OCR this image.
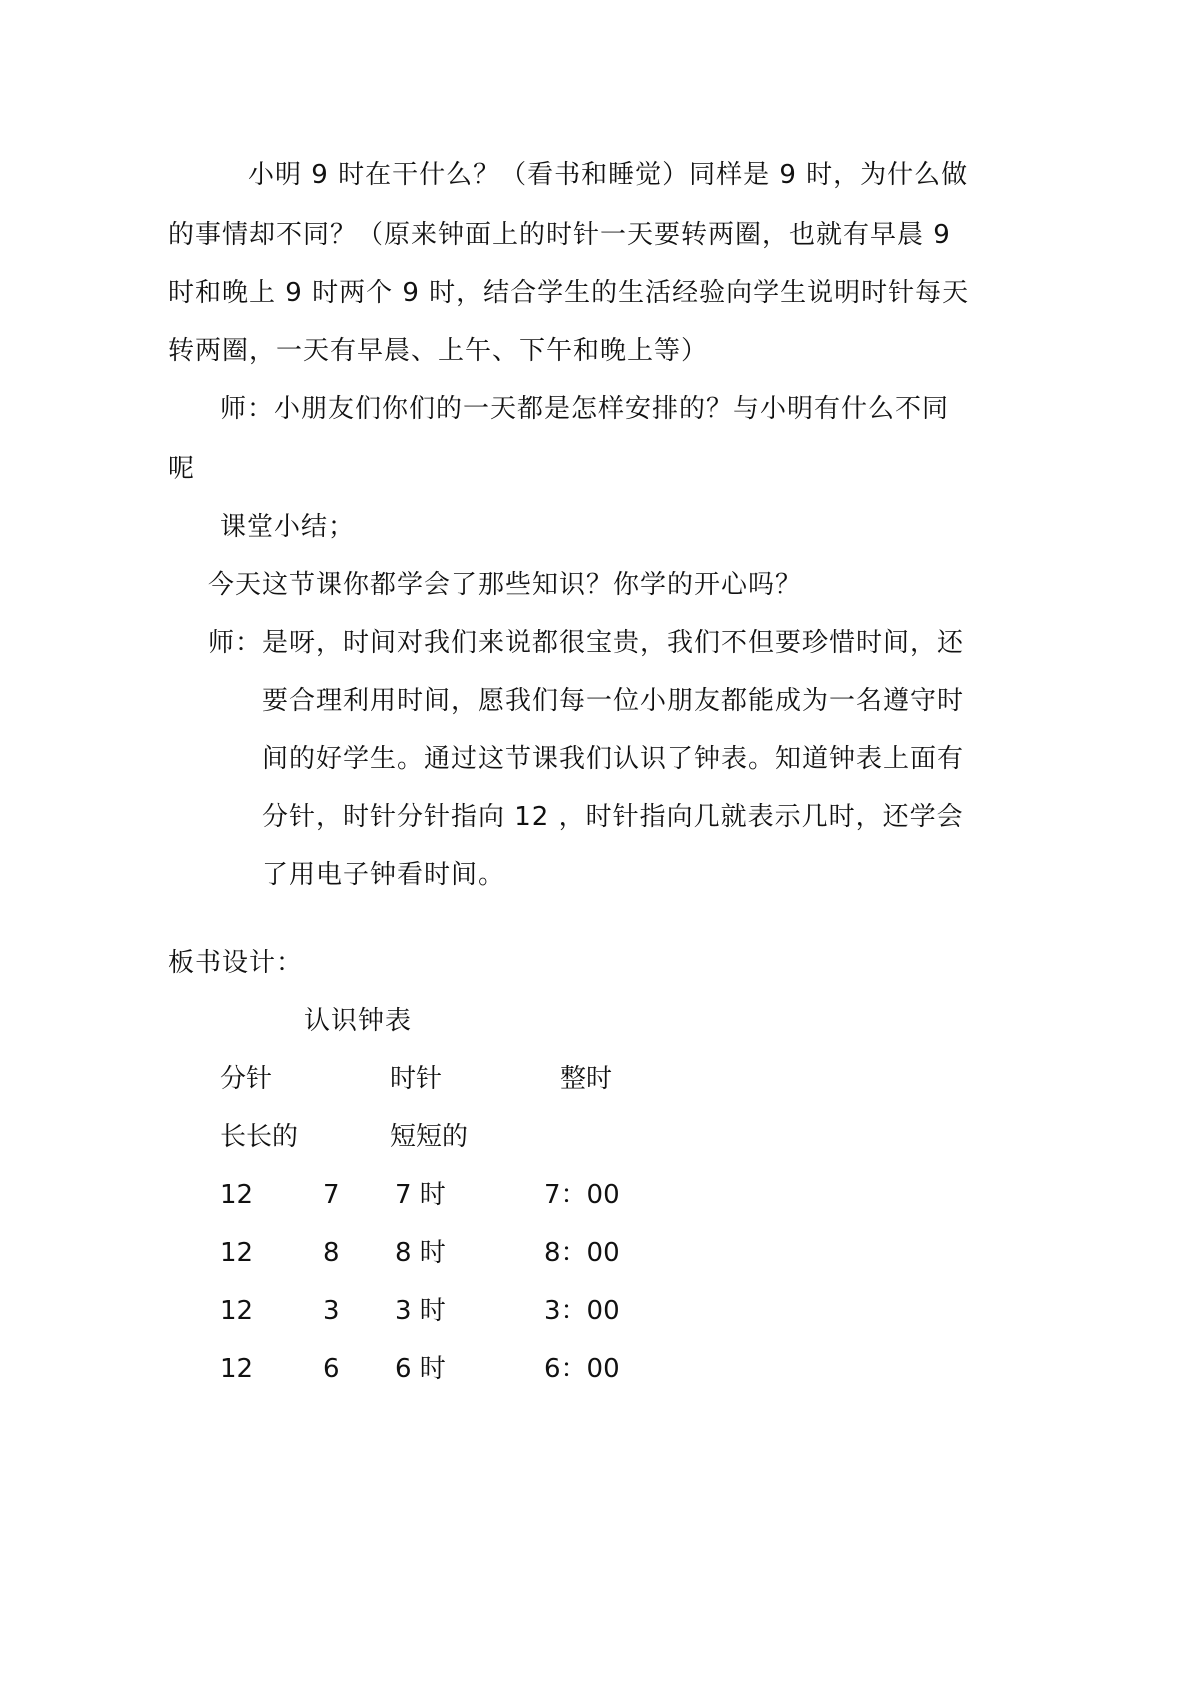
小明 9 时在干什么？（看书和睡觉）同样是 9 时，为什么做
的事情却不同？（原来钟面上的时针一天要转两圈，也就有早晨 9
时和晚上 9 时两个 9 时，结合学生的生活经验向学生说明时针每天
转两圈，一天有早晨、上午、下午和晚上等）
师：小朋友们你们的一天都是怎样安排的？与小明有什么不同
呢
课堂小结；
今天这节课你都学会了那些知识？你学的开心吗？
师：是呀，时间对我们来说都很宝贵，我们不但要珍惜时间，还
要合理利用时间，愿我们每一位小朋友都能成为一名遵守时
间的好学生。通过这节课我们认识了钟表。知道钟表上面有
分针，时针分针指向 12 ，时针指向几就表示几时，还学会
了用电子钟看时间。
板书设计：
认识钟表
分针	时针	整时
长长的	短短的
12	7 7 时	7：00
12	8 8 时	8：00
12	3 3 时	3：00
12	6 6 时	6：00
